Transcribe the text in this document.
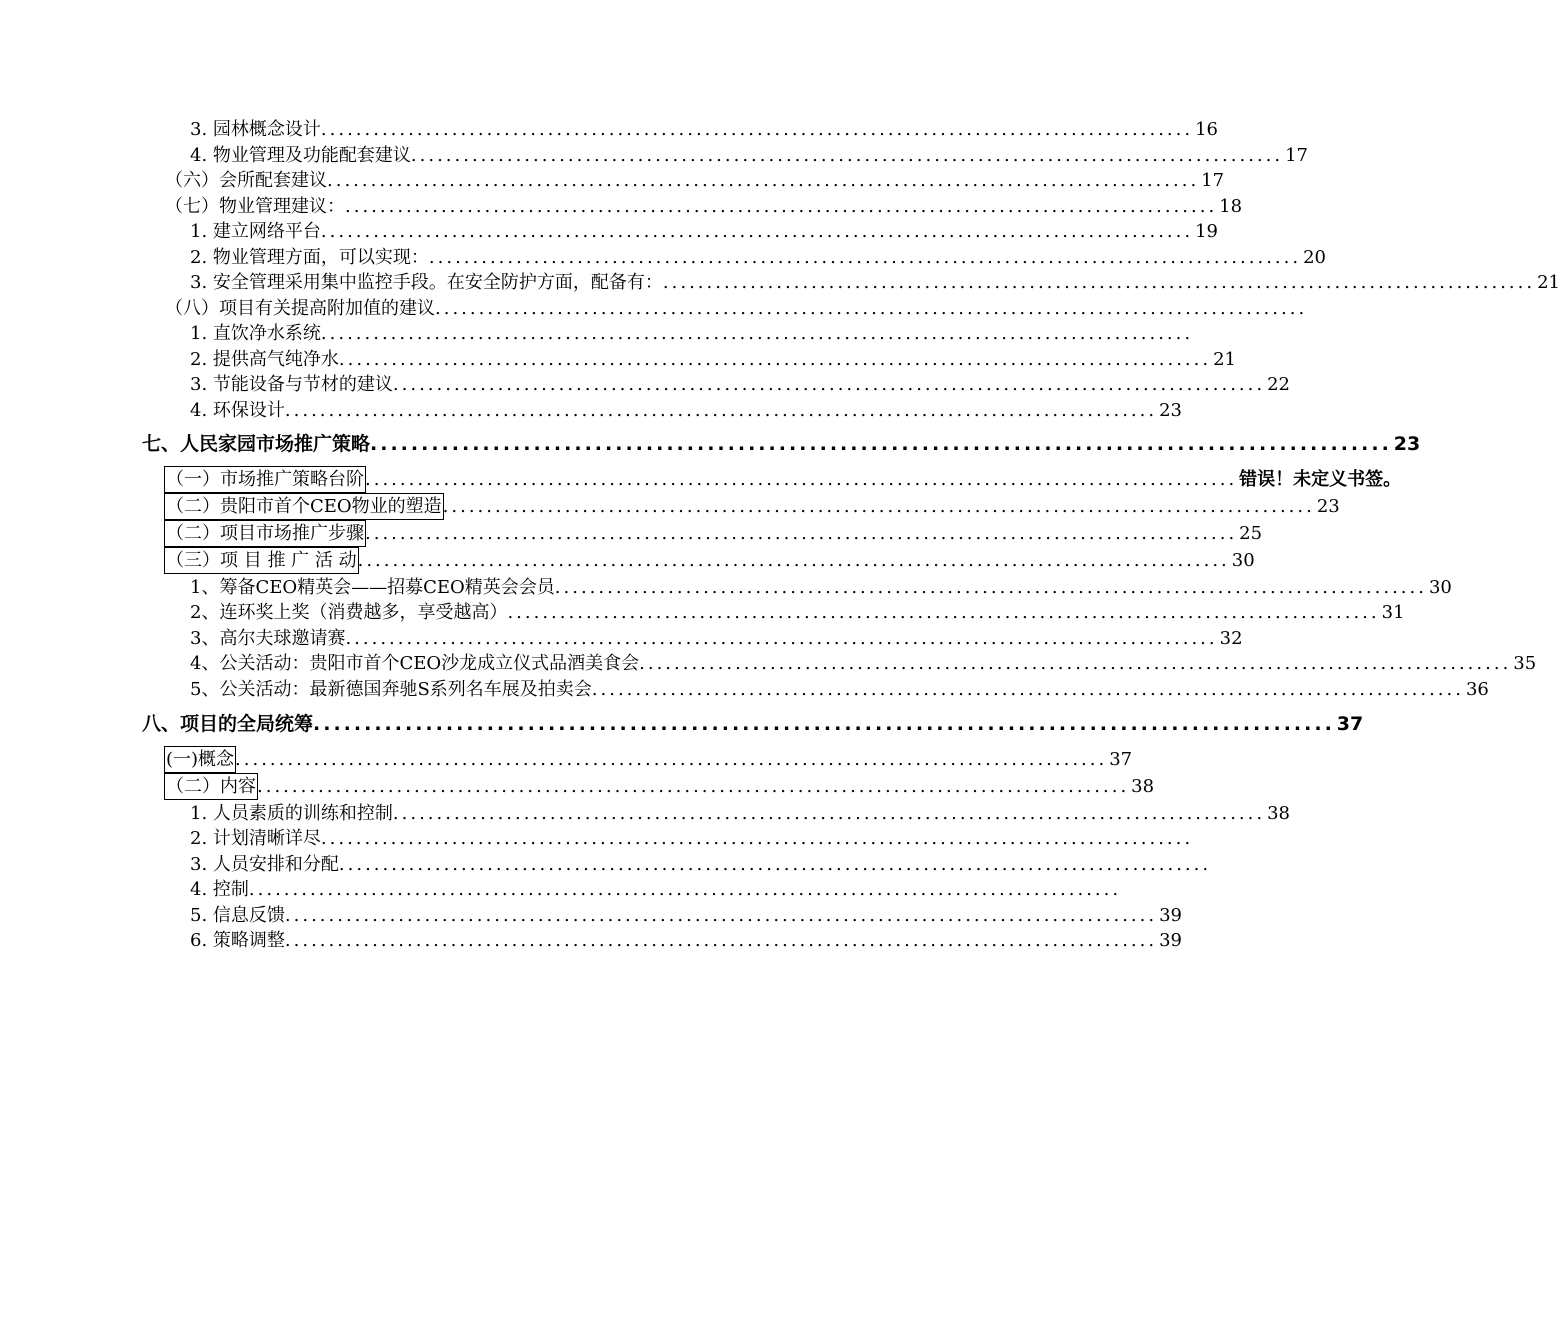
3. 园林概念设计 .................................................................................................... 16
4. 物业管理及功能配套建议 .................................................................................................... 17
（六）会所配套建议 .................................................................................................... 17
（七）物业管理建议： .................................................................................................... 18
1. 建立网络平台 .................................................................................................... 19
2. 物业管理方面，可以实现： .................................................................................................... 20
3. 安全管理采用集中监控手段。在安全防护方面，配备有： .................................................................................................... 21
（八）项目有关提高附加值的建议 ....................................................................................................
1. 直饮净水系统 ....................................................................................................
2. 提供高气纯净水 .................................................................................................... 21
3. 节能设备与节材的建议 .................................................................................................... 22
4. 环保设计 .................................................................................................... 23
七、人民家园市场推广策略 .................................................................................................... 23
（一）市场推广策略台阶 .................................................................................................... 错误！未定义书签。
（二）贵阳市首个CEO物业的塑造 .................................................................................................... 23
（二）项目市场推广步骤 .................................................................................................... 25
（三）项 目 推 广 活 动 .................................................................................................... 30
1、筹备CEO精英会——招募CEO精英会会员 .................................................................................................... 30
2、连环奖上奖（消费越多，享受越高） .................................................................................................... 31
3、高尔夫球邀请赛 .................................................................................................... 32
4、公关活动：贵阳市首个CEO沙龙成立仪式品酒美食会 .................................................................................................... 35
5、公关活动：最新德国奔驰S系列名车展及拍卖会 .................................................................................................... 36
八、项目的全局统筹 .................................................................................................... 37
(一)概念 .................................................................................................... 37
（二）内容 .................................................................................................... 38
1. 人员素质的训练和控制 .................................................................................................... 38
2. 计划清晰详尽 ....................................................................................................
3. 人员安排和分配 ....................................................................................................
4. 控制 ....................................................................................................
5. 信息反馈 .................................................................................................... 39
6. 策略调整 .................................................................................................... 39
